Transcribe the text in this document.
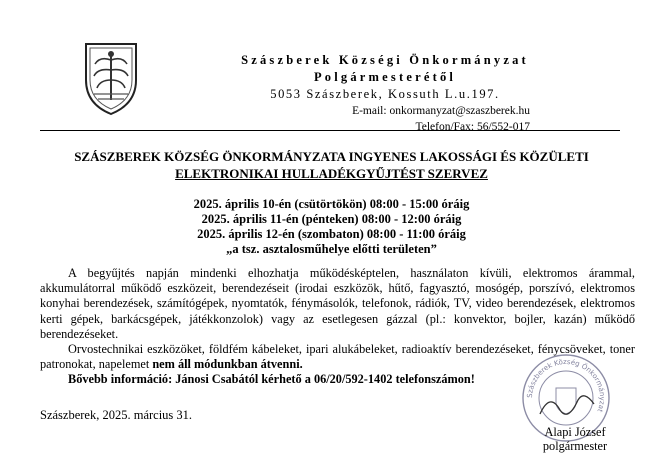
Szászberek Községi Önkormányzat
Polgármesterétől
5053 Szászberek, Kossuth L.u.197.
E-mail: onkormanyzat@szaszberek.hu
Telefon/Fax: 56/552-017
SZÁSZBEREK KÖZSÉG ÖNKORMÁNYZATA INGYENES LAKOSSÁGI ÉS KÖZÜLETI
ELEKTRONIKAI HULLADÉKGYŰJTÉST SZERVEZ
2025. április 10-én (csütörtökön) 08:00 - 15:00 óráig
2025. április 11-én (pénteken) 08:00 - 12:00 óráig
2025. április 12-én (szombaton) 08:00 - 11:00 óráig
„a tsz. asztalosműhelye előtti területen”

A begyűjtés napján mindenki elhozhatja működésképtelen, használaton kívüli, elektromos árammal, akkumulátorral működő eszközeit, berendezéseit (irodai eszközök, hűtő, fagyasztó, mosógép, porszívó, elektromos konyhai berendezések, számítógépek, nyomtatók, fénymásolók, telefonok, rádiók, TV, video berendezések, elektromos kerti gépek, barkácsgépek, játékkonzolok) vagy az esetlegesen gázzal (pl.: konvektor, bojler, kazán) működő berendezéseket.

Orvostechnikai eszközöket, földfém kábeleket, ipari alukábeleket, radioaktív berendezéseket, fénycsöveket, toner patronokat, napelemet nem áll módunkban átvenni.

Bővebb információ: Jánosi Csabától kérhető a 06/20/592-1402 telefonszámon!

Szászberek, 2025. március 31.
Szászberek Község Önkormányzat
Alapi József
polgármester
